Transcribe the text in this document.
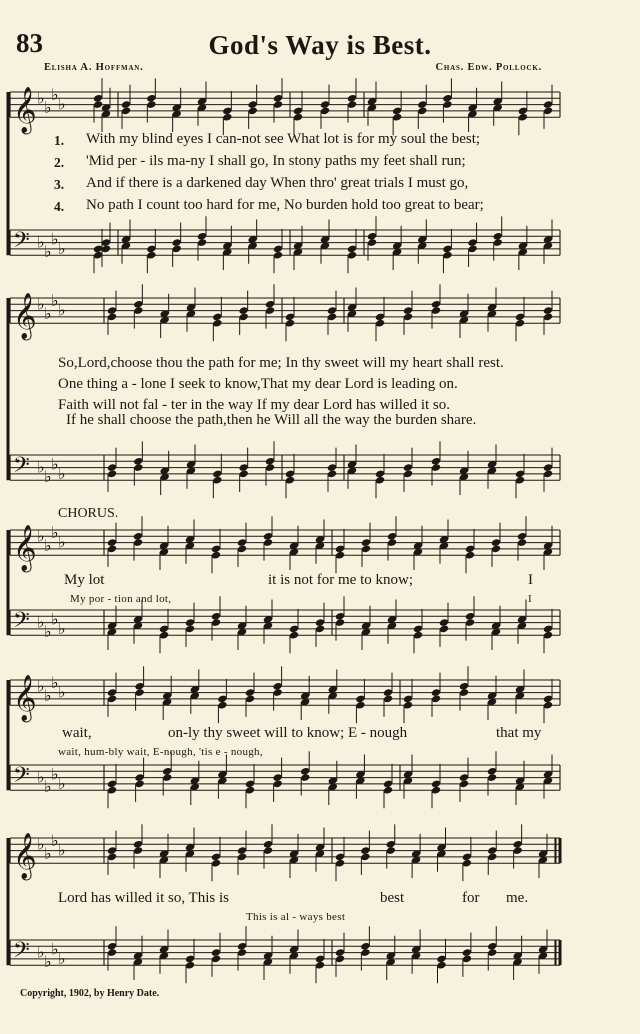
83	God's Way is Best.
Elisha A. Hoffman.	Chas. Edw. Pollock.
𝄞 ♭ ♭
♭ ♭
𝄢 ♭ ♭
♭ ♭
𝄞 ♭ ♭
♭ ♭
𝄢 ♭ ♭
♭ ♭
𝄞 ♭ ♭
♭ ♭
𝄢 ♭ ♭
♭ ♭
𝄞 ♭ ♭
♭ ♭
𝄢 ♭ ♭
♭ ♭
𝄞 ♭ ♭
♭ ♭
𝄢 ♭ ♭
♭ ♭
1. With my blind eyes I can-not see What lot is for my soul the best;
2. 'Mid per - ils ma-ny I shall go, In stony paths my feet shall run;
3. And if there is a darkened day When thro' great trials I must go,
4. No path I count too hard for me, No burden hold too great to bear;
So,Lord,choose thou the path for me; In thy sweet will my heart shall rest.
One thing a - lone I seek to know,That my dear Lord is leading on.
Faith will not fal - ter in the way If my dear Lord has willed it so.
If he shall choose the path,then he Will all the way the burden share.
CHORUS.
My lot	it is not for me to know;	I
My por - tion and lot,	I
wait,	on-ly thy sweet will to know; E - nough	that my
wait, hum-bly wait, E-nough, 'tis e - nough,
Lord has willed it so, This is	best	for me.
This is al - ways best
Copyright, 1902, by Henry Date.
